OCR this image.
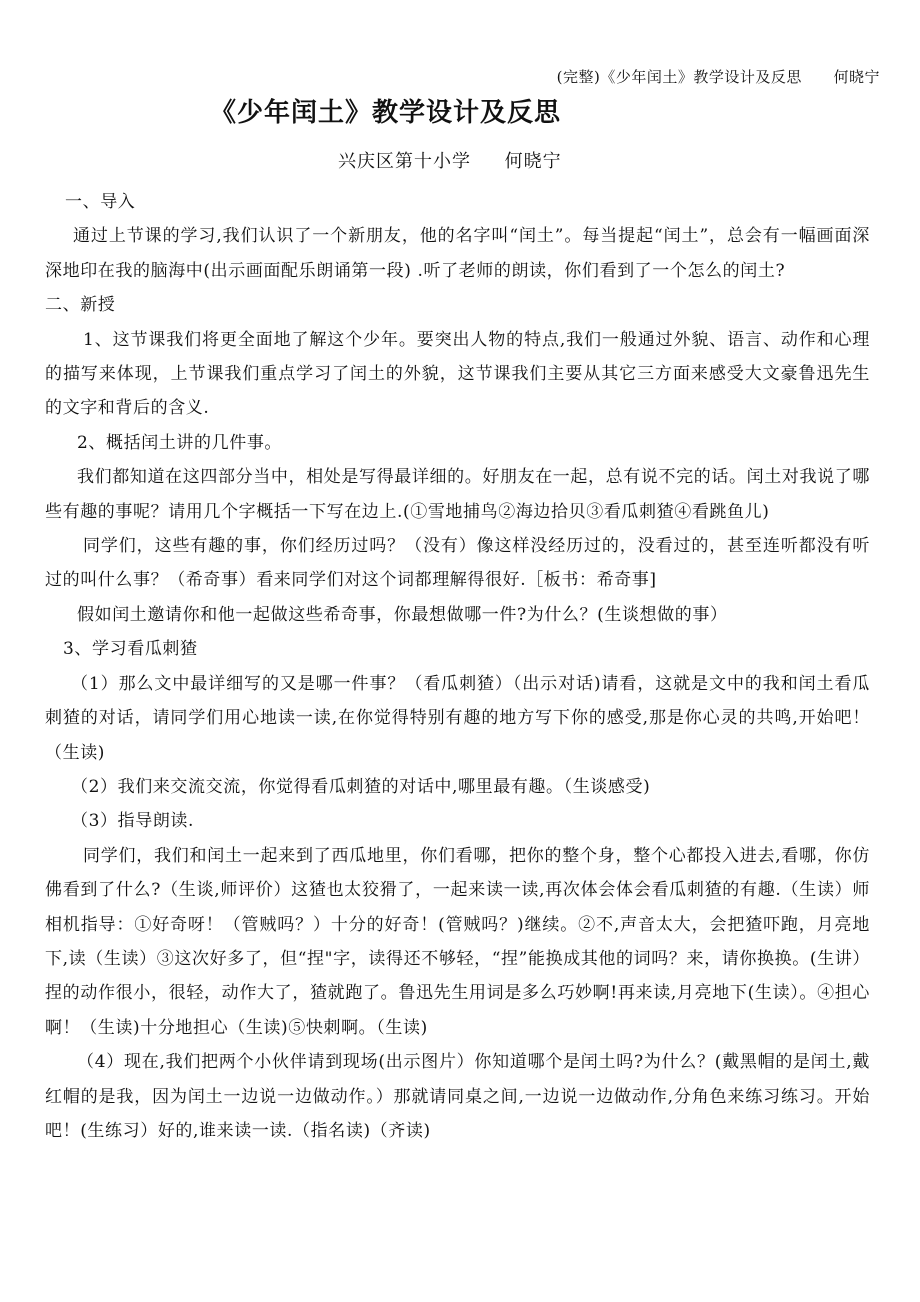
(完整)《少年闰土》教学设计及反思      何晓宁
《少年闰土》教学设计及反思
兴庆区第十小学     何晓宁

一、导入

通过上节课的学习,我们认识了一个新朋友，他的名字叫“闰土”。每当提起“闰土”，总会有一幅画面深深地印在我的脑海中(出示画面配乐朗诵第一段) .听了老师的朗读，你们看到了一个怎么的闰土?

二、新授

1、这节课我们将更全面地了解这个少年。要突出人物的特点,我们一般通过外貌、语言、动作和心理的描写来体现，上节课我们重点学习了闰土的外貌，这节课我们主要从其它三方面来感受大文豪鲁迅先生的文字和背后的含义.

2、概括闰土讲的几件事。

我们都知道在这四部分当中，相处是写得最详细的。好朋友在一起，总有说不完的话。闰土对我说了哪些有趣的事呢？请用几个字概括一下写在边上.(①雪地捕鸟②海边拾贝③看瓜刺猹④看跳鱼儿)

同学们，这些有趣的事，你们经历过吗？（没有）像这样没经历过的，没看过的，甚至连听都没有听过的叫什么事？（希奇事）看来同学们对这个词都理解得很好.［板书：希奇事]

假如闰土邀请你和他一起做这些希奇事，你最想做哪一件?为什么？(生谈想做的事）

3、学习看瓜刺猹

（1）那么文中最详细写的又是哪一件事？（看瓜刺猹）（出示对话)请看，这就是文中的我和闰土看瓜刺猹的对话，请同学们用心地读一读,在你觉得特别有趣的地方写下你的感受,那是你心灵的共鸣,开始吧！（生读)

（2）我们来交流交流，你觉得看瓜刺猹的对话中,哪里最有趣。（生谈感受)

（3）指导朗读.

同学们，我们和闰土一起来到了西瓜地里，你们看哪，把你的整个身，整个心都投入进去,看哪，你仿佛看到了什么?（生谈,师评价）这猹也太狡猾了，一起来读一读,再次体会体会看瓜刺猹的有趣.（生读）师相机指导：①好奇呀！（管贼吗？）十分的好奇！(管贼吗？)继续。②不,声音太大，会把猹吓跑，月亮地下,读（生读）③这次好多了，但“捏"字，读得还不够轻，“捏”能换成其他的词吗？来，请你换换。(生讲）捏的动作很小，很轻，动作大了，猹就跑了。鲁迅先生用词是多么巧妙啊!再来读,月亮地下(生读）。④担心啊！（生读)十分地担心（生读)⑤快刺啊。（生读)

（4）现在,我们把两个小伙伴请到现场(出示图片）你知道哪个是闰土吗?为什么？(戴黑帽的是闰土,戴红帽的是我，因为闰土一边说一边做动作。）那就请同桌之间,一边说一边做动作,分角色来练习练习。开始吧！(生练习）好的,谁来读一读.（指名读)（齐读)
